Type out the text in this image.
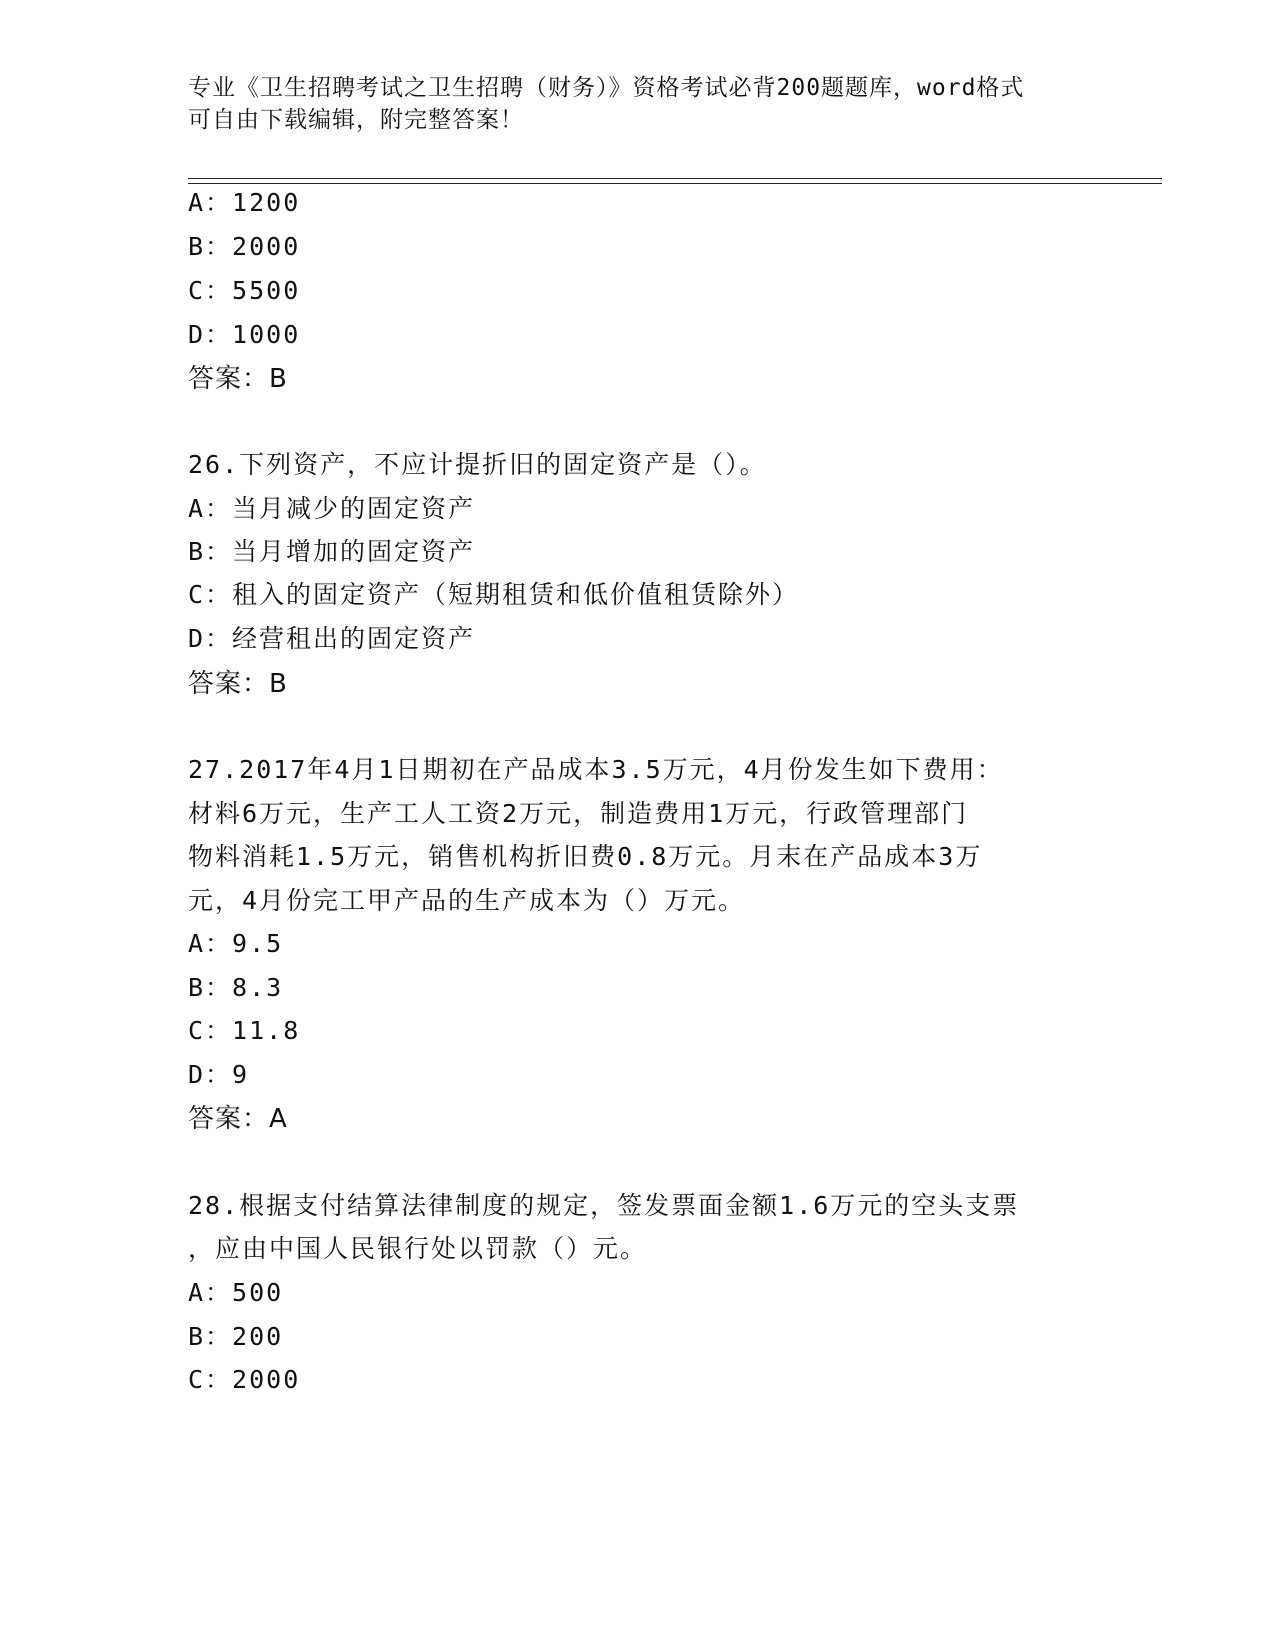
专业《卫生招聘考试之卫生招聘（财务）》资格考试必背200题题库，word格式
可自由下载编辑，附完整答案！
A：1200
B：2000
C：5500
D：1000
答案：B
26.下列资产，不应计提折旧的固定资产是（）。
A：当月减少的固定资产
B：当月增加的固定资产
C：租入的固定资产（短期租赁和低价值租赁除外）
D：经营租出的固定资产
答案：B
27.2017年4月1日期初在产品成本3.5万元，4月份发生如下费用：
材料6万元，生产工人工资2万元，制造费用1万元，行政管理部门
物料消耗1.5万元，销售机构折旧费0.8万元。月末在产品成本3万
元，4月份完工甲产品的生产成本为（）万元。
A：9.5
B：8.3
C：11.8
D：9
答案：A
28.根据支付结算法律制度的规定，签发票面金额1.6万元的空头支票
，应由中国人民银行处以罚款（）元。
A：500
B：200
C：2000
